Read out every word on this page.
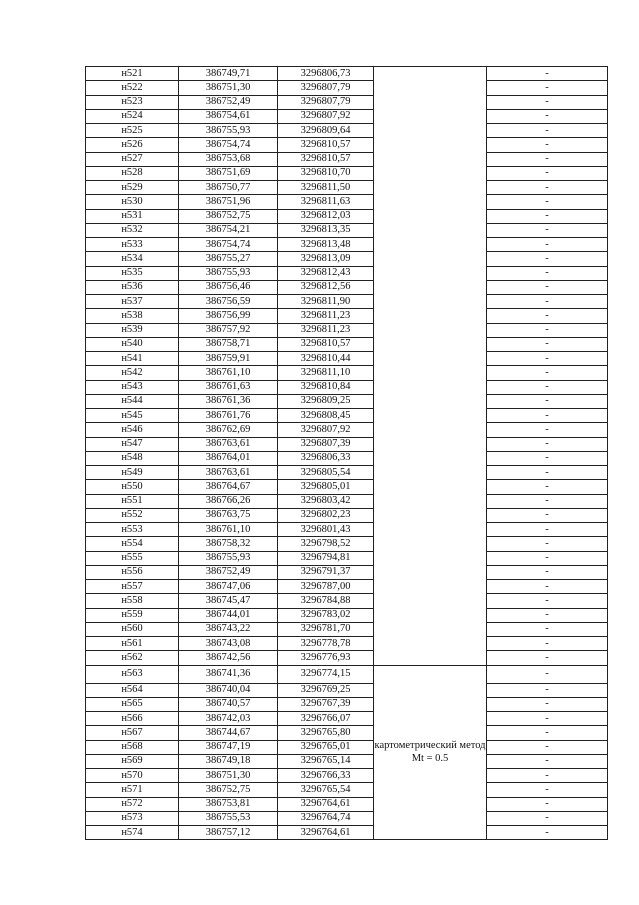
н521	386749,71	3296806,73		-
н522	386751,30	3296807,79		-
н523	386752,49	3296807,79		-
н524	386754,61	3296807,92		-
н525	386755,93	3296809,64		-
н526	386754,74	3296810,57		-
н527	386753,68	3296810,57		-
н528	386751,69	3296810,70		-
н529	386750,77	3296811,50		-
н530	386751,96	3296811,63		-
н531	386752,75	3296812,03		-
н532	386754,21	3296813,35		-
н533	386754,74	3296813,48		-
н534	386755,27	3296813,09		-
н535	386755,93	3296812,43		-
н536	386756,46	3296812,56		-
н537	386756,59	3296811,90		-
н538	386756,99	3296811,23		-
н539	386757,92	3296811,23		-
н540	386758,71	3296810,57		-
н541	386759,91	3296810,44		-
н542	386761,10	3296811,10		-
н543	386761,63	3296810,84		-
н544	386761,36	3296809,25		-
н545	386761,76	3296808,45		-
н546	386762,69	3296807,92		-
н547	386763,61	3296807,39		-
н548	386764,01	3296806,33		-
н549	386763,61	3296805,54		-
н550	386764,67	3296805,01		-
н551	386766,26	3296803,42		-
н552	386763,75	3296802,23		-
н553	386761,10	3296801,43		-
н554	386758,32	3296798,52		-
н555	386755,93	3296794,81		-
н556	386752,49	3296791,37		-
н557	386747,06	3296787,00		-
н558	386745,47	3296784,88		-
н559	386744,01	3296783,02		-
н560	386743,22	3296781,70		-
н561	386743,08	3296778,78		-
н562	386742,56	3296776,93		-
н563	386741,36	3296774,15	картометрический метод Mt = 0.5	-
н564	386740,04	3296769,25		-
н565	386740,57	3296767,39		-
н566	386742,03	3296766,07		-
н567	386744,67	3296765,80		-
н568	386747,19	3296765,01		-
н569	386749,18	3296765,14		-
н570	386751,30	3296766,33		-
н571	386752,75	3296765,54		-
н572	386753,81	3296764,61		-
н573	386755,53	3296764,74		-
н574	386757,12	3296764,61		-
